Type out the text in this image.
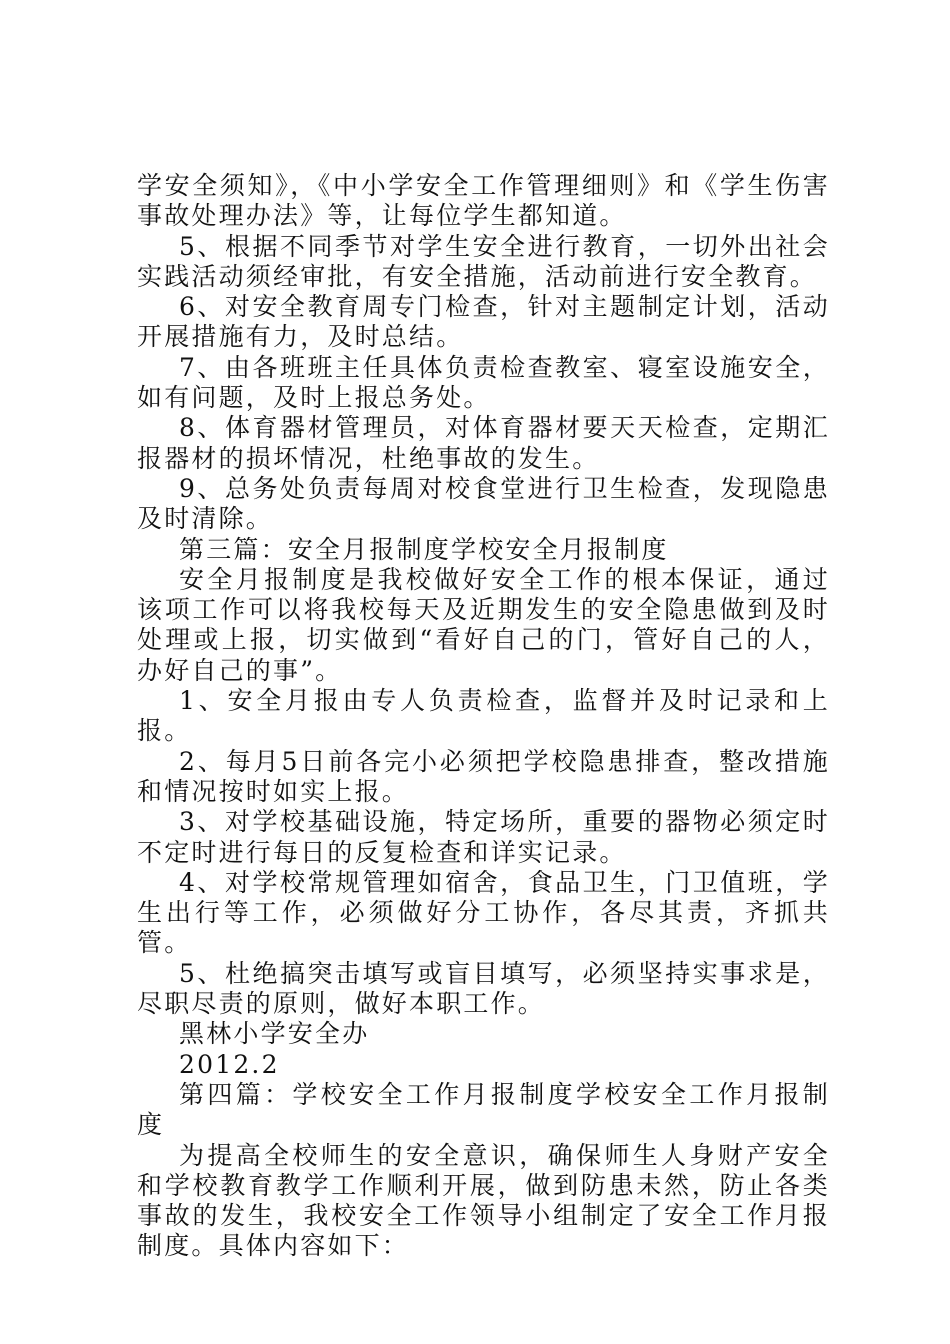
学安全须知》，《中小学安全工作管理细则》和《学生伤害事故处理办法》等，让每位学生都知道。

5、根据不同季节对学生安全进行教育，一切外出社会实践活动须经审批，有安全措施，活动前进行安全教育。

6、对安全教育周专门检查，针对主题制定计划，活动开展措施有力，及时总结。

7、由各班班主任具体负责检查教室、寝室设施安全，如有问题，及时上报总务处。

8、体育器材管理员，对体育器材要天天检查，定期汇报器材的损坏情况，杜绝事故的发生。

9、总务处负责每周对校食堂进行卫生检查，发现隐患及时清除。

第三篇：安全月报制度学校安全月报制度

安全月报制度是我校做好安全工作的根本保证，通过该项工作可以将我校每天及近期发生的安全隐患做到及时处理或上报，切实做到“看好自己的门，管好自己的人，办好自己的事”。

1、安全月报由专人负责检查，监督并及时记录和上报。

2、每月5日前各完小必须把学校隐患排查，整改措施和情况按时如实上报。

3、对学校基础设施，特定场所，重要的器物必须定时不定时进行每日的反复检查和详实记录。

4、对学校常规管理如宿舍，食品卫生，门卫值班，学生出行等工作，必须做好分工协作，各尽其责，齐抓共管。

5、杜绝搞突击填写或盲目填写，必须坚持实事求是，尽职尽责的原则，做好本职工作。

黑林小学安全办

2012.2

第四篇：学校安全工作月报制度学校安全工作月报制度

为提高全校师生的安全意识，确保师生人身财产安全和学校教育教学工作顺利开展，做到防患未然，防止各类事故的发生，我校安全工作领导小组制定了安全工作月报制度。具体内容如下：
